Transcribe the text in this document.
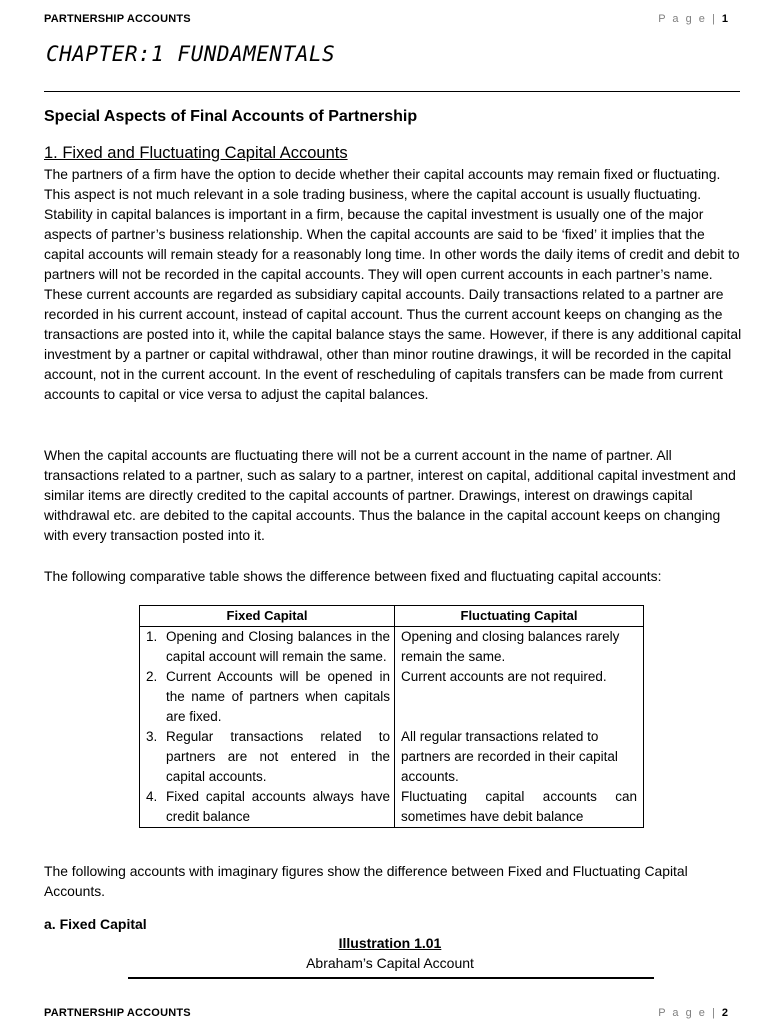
PARTNERSHIP ACCOUNTS	P a g e | 1
CHAPTER:1 FUNDAMENTALS
Special Aspects of Final Accounts of Partnership
1. Fixed and Fluctuating Capital Accounts

The partners of a firm have the option to decide whether their capital accounts may remain fixed or fluctuating. This aspect is not much relevant in a sole trading business, where the capital account is usually fluctuating. Stability in capital balances is important in a firm, because the capital investment is usually one of the major aspects of partner’s business relationship. When the capital accounts are said to be ‘fixed’ it implies that the capital accounts will remain steady for a reasonably long time. In other words the daily items of credit and debit to partners will not be recorded in the capital accounts. They will open current accounts in each partner’s name. These current accounts are regarded as subsidiary capital accounts. Daily transactions related to a partner are recorded in his current account, instead of capital account. Thus the current account keeps on changing as the transactions are posted into it, while the capital balance stays the same. However, if there is any additional capital investment by a partner or capital withdrawal, other than minor routine drawings, it will be recorded in the capital account, not in the current account. In the event of rescheduling of capitals transfers can be made from current accounts to capital or vice versa to adjust the capital balances.

When the capital accounts are fluctuating there will not be a current account in the name of partner. All transactions related to a partner, such as salary to a partner, interest on capital, additional capital investment and similar items are directly credited to the capital accounts of partner. Drawings, interest on drawings capital withdrawal etc. are debited to the capital accounts. Thus the balance in the capital account keeps on changing with every transaction posted into it.

The following comparative table shows the difference between fixed and fluctuating capital accounts:

Fixed Capital	Fluctuating Capital

1. Opening and Closing balances in the capital account will remain the same.	Opening and closing balances rarely remain the same.

2. Current Accounts will be opened in the name of partners when capitals are fixed.	Current accounts are not required.

3. Regular transactions related to partners are not entered in the capital accounts.	All regular transactions related to partners are recorded in their capital accounts.

4. Fixed capital accounts always have credit balance	Fluctuating capital accounts can sometimes have debit balance

The following accounts with imaginary figures show the difference between Fixed and Fluctuating Capital Accounts.

a. Fixed Capital
Illustration 1.01
Abraham’s Capital Account
PARTNERSHIP ACCOUNTS	P a g e | 2
